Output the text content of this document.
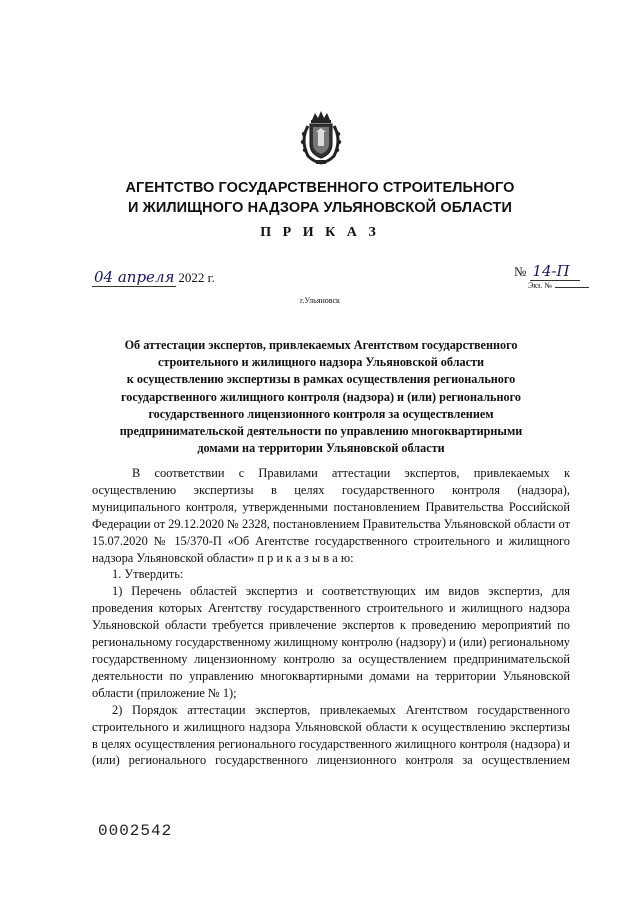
АГЕНТСТВО ГОСУДАРСТВЕННОГО СТРОИТЕЛЬНОГО
И ЖИЛИЩНОГО НАДЗОРА УЛЬЯНОВСКОЙ ОБЛАСТИ
П Р И К А З
04 апреля 2022 г.	№ 14-П
Экз. №
г.Ульяновск
Об аттестации экспертов, привлекаемых Агентством государственного
строительного и жилищного надзора Ульяновской области
к осуществлению экспертизы в рамках осуществления регионального
государственного жилищного контроля (надзора) и (или) регионального
государственного лицензионного контроля за осуществлением
предпринимательской деятельности по управлению многоквартирными
домами на территории Ульяновской области

В соответствии с Правилами аттестации экспертов, привлекаемых к осуществлению экспертизы в целях государственного контроля (надзора), муниципального контроля, утвержденными постановлением Правительства Российской Федерации от 29.12.2020 № 2328, постановлением Правительства Ульяновской области от 15.07.2020 № 15/370-П «Об Агентстве государственного строительного и жилищного надзора Ульяновской области» п р и к а з ы в а ю:

1. Утвердить:

1) Перечень областей экспертиз и соответствующих им видов экспертиз, для проведения которых Агентству государственного строительного и жилищного надзора Ульяновской области требуется привлечение экспертов к проведению мероприятий по региональному государственному жилищному контролю (надзору) и (или) региональному государственному лицензионному контролю за осуществлением предпринимательской деятельности по управлению многоквартирными домами на территории Ульяновской области (приложение № 1);

2) Порядок аттестации экспертов, привлекаемых Агентством государственного строительного и жилищного надзора Ульяновской области к осуществлению экспертизы в целях осуществления регионального государственного жилищного контроля (надзора) и (или) регионального государственного лицензионного контроля за осуществлением

0002542
